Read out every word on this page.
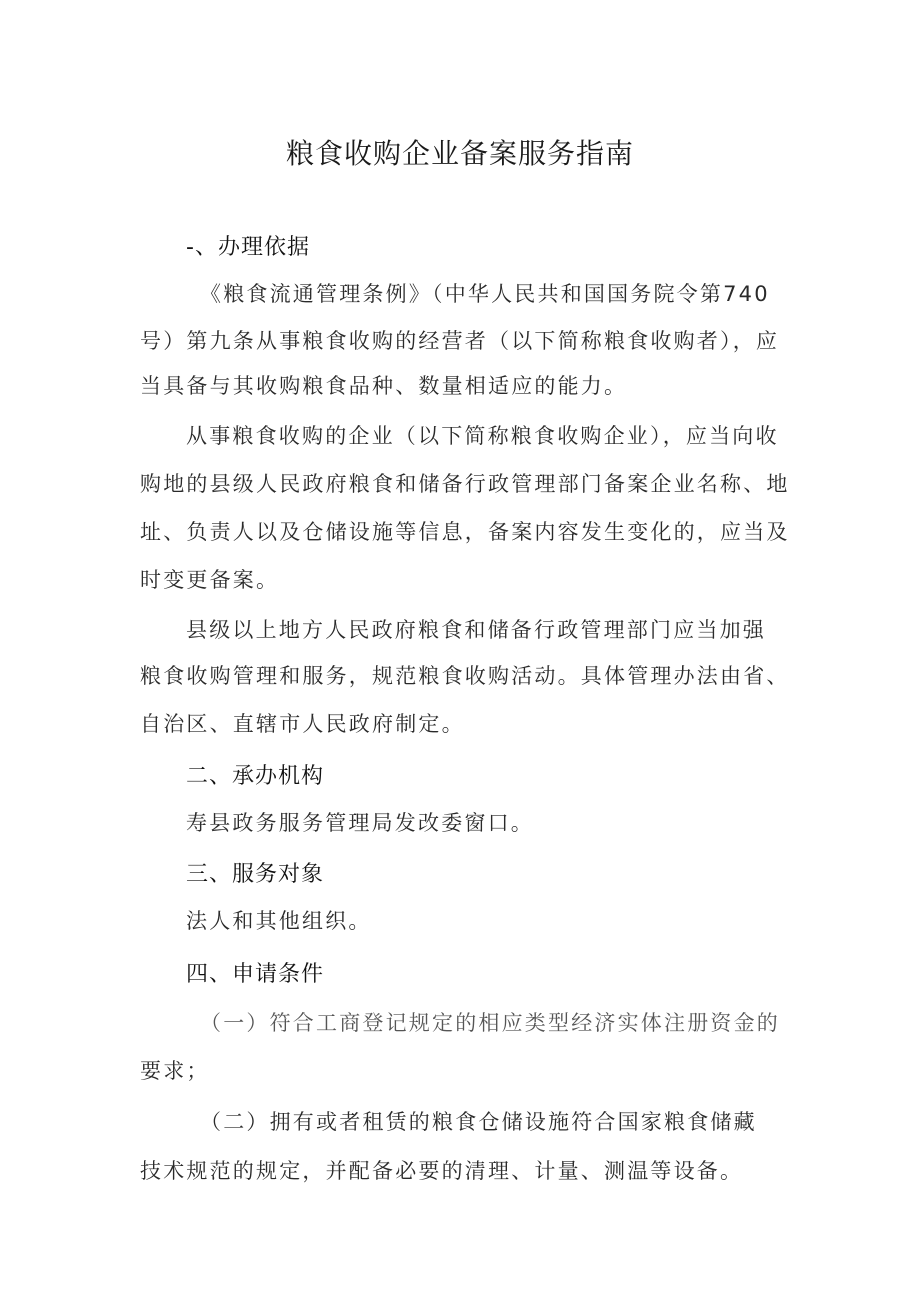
粮食收购企业备案服务指南
-、办理依据
《粮食流通管理条例》（中华人民共和国国务院令第740
号）第九条从事粮食收购的经营者（以下简称粮食收购者），应
当具备与其收购粮食品种、数量相适应的能力。
从事粮食收购的企业（以下简称粮食收购企业），应当向收
购地的县级人民政府粮食和储备行政管理部门备案企业名称、地
址、负责人以及仓储设施等信息，备案内容发生变化的，应当及
时变更备案。
县级以上地方人民政府粮食和储备行政管理部门应当加强
粮食收购管理和服务，规范粮食收购活动。具体管理办法由省、
自治区、直辖市人民政府制定。
二、承办机构
寿县政务服务管理局发改委窗口。
三、服务对象
法人和其他组织。
四、申请条件
（一）符合工商登记规定的相应类型经济实体注册资金的
要求；
（二）拥有或者租赁的粮食仓储设施符合国家粮食储藏
技术规范的规定，并配备必要的清理、计量、测温等设备。
